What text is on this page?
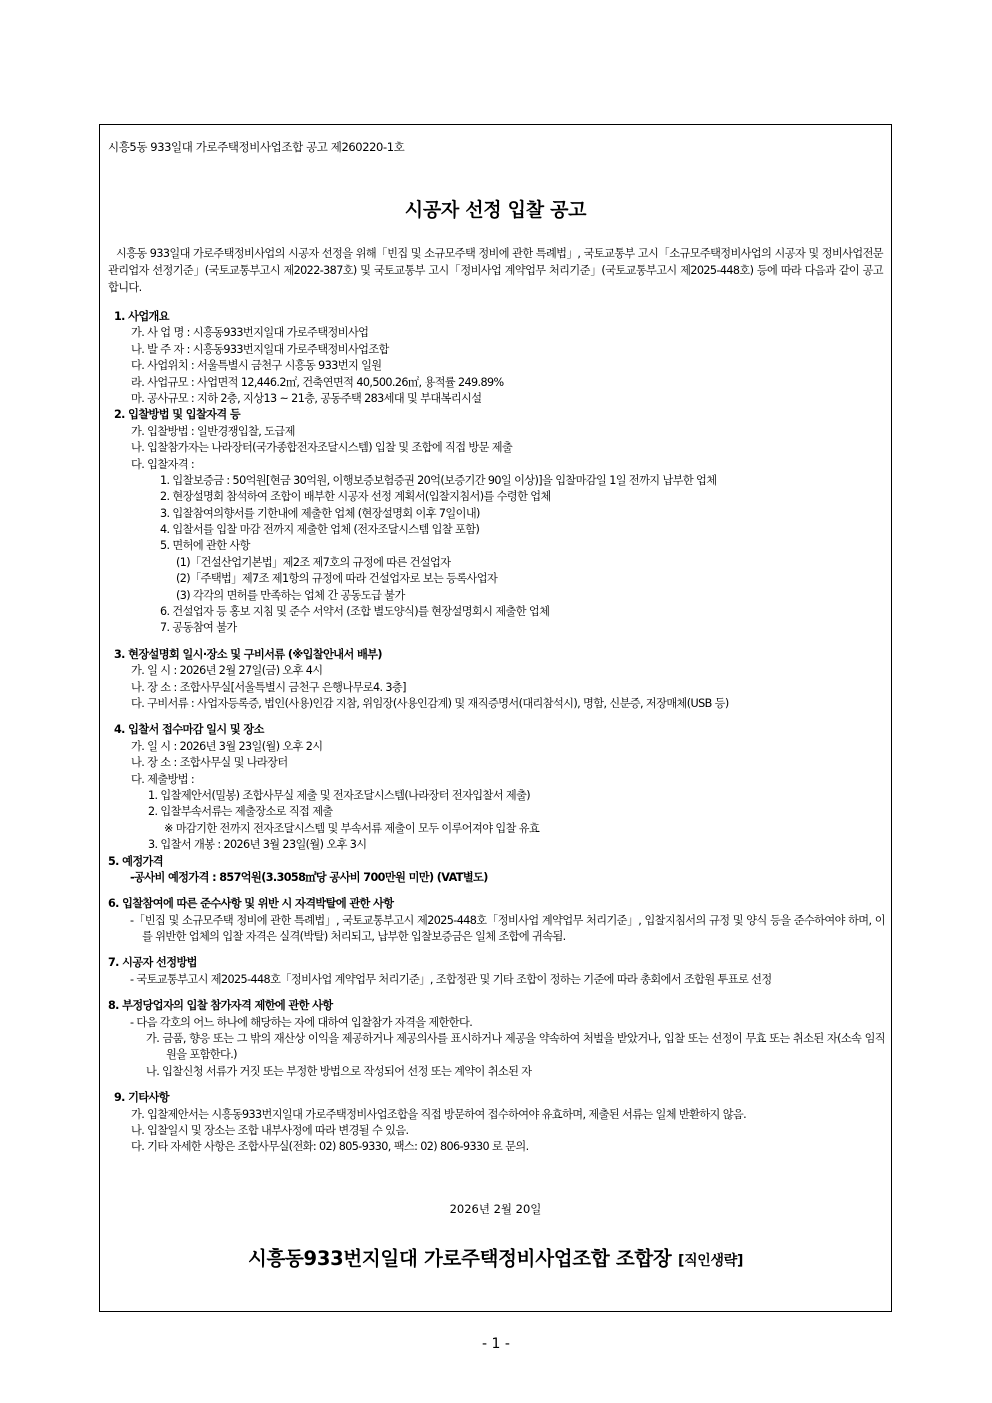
시흥5동 933일대 가로주택정비사업조합 공고 제260220-1호
시공자 선정 입찰 공고
시흥동 933일대 가로주택정비사업의 시공자 선정을 위해「빈집 및 소규모주택 정비에 관한 특례법」, 국토교통부 고시「소규모주택정비사업의 시공자 및 정비사업전문관리업자 선정기준」(국토교통부고시 제2022-387호) 및 국토교통부 고시「정비사업 계약업무 처리기준」(국토교통부고시 제2025-448호) 등에 따라 다음과 같이 공고합니다.
1. 사업개요
가. 사 업 명 : 시흥동933번지일대 가로주택정비사업
나. 발 주 자 : 시흥동933번지일대 가로주택정비사업조합
다. 사업위치 : 서울특별시 금천구 시흥동 933번지 일원
라. 사업규모 : 사업면적 12,446.2㎡, 건축연면적 40,500.26㎡, 용적률 249.89%
마. 공사규모 : 지하 2층, 지상13 ~ 21층, 공동주택 283세대 및 부대복리시설
2. 입찰방법 및 입찰자격 등
가. 입찰방법 : 일반경쟁입찰, 도급제
나. 입찰참가자는 나라장터(국가종합전자조달시스템) 입찰 및 조합에 직접 방문 제출
다. 입찰자격 :
1. 입찰보증금 : 50억원[현금 30억원, 이행보증보험증권 20억(보증기간 90일 이상)]을 입찰마감일 1일 전까지 납부한 업체
2. 현장설명회 참석하여 조합이 배부한 시공자 선정 계획서(입찰지침서)를 수령한 업체
3. 입찰참여의향서를 기한내에 제출한 업체 (현장설명회 이후 7일이내)
4. 입찰서를 입찰 마감 전까지 제출한 업체 (전자조달시스템 입찰 포함)
5. 면허에 관한 사항
(1)「건설산업기본법」제2조 제7호의 규정에 따른 건설업자
(2)「주택법」제7조 제1항의 규정에 따라 건설업자로 보는 등록사업자
(3) 각각의 면허를 만족하는 업체 간 공동도급 불가
6. 건설업자 등 홍보 지침 및 준수 서약서 (조합 별도양식)를 현장설명회시 제출한 업체
7. 공동참여 불가
3. 현장설명회 일시·장소 및 구비서류 (※입찰안내서 배부)
가. 일 시 : 2026년 2월 27일(금) 오후 4시
나. 장 소 : 조합사무실[서울특별시 금천구 은행나무로4. 3층]
다. 구비서류 : 사업자등록증, 법인(사용)인감 지참, 위임장(사용인감계) 및 재직증명서(대리참석시), 명함, 신분증, 저장매체(USB 등)
4. 입찰서 접수마감 일시 및 장소
가. 일 시 : 2026년 3월 23일(월) 오후 2시
나. 장 소 : 조합사무실 및 나라장터
다. 제출방법 :
1. 입찰제안서(밀봉) 조합사무실 제출 및 전자조달시스템(나라장터 전자입찰서 제출)
2. 입찰부속서류는 제출장소로 직접 제출
※ 마감기한 전까지 전자조달시스템 및 부속서류 제출이 모두 이루어져야 입찰 유효
3. 입찰서 개봉 : 2026년 3월 23일(월) 오후 3시
5. 예정가격
-공사비 예정가격 : 857억원(3.3058㎡당 공사비 700만원 미만) (VAT별도)
6. 입찰참여에 따른 준수사항 및 위반 시 자격박탈에 관한 사항
-「빈집 및 소규모주택 정비에 관한 특례법」, 국토교통부고시 제2025-448호「정비사업 계약업무 처리기준」, 입찰지침서의 규정 및 양식 등을 준수하여야 하며, 이를 위반한 업체의 입찰 자격은 실격(박탈) 처리되고, 납부한 입찰보증금은 일체 조합에 귀속됨.
7. 시공자 선정방법
- 국토교통부고시 제2025-448호「정비사업 계약업무 처리기준」, 조합정관 및 기타 조합이 정하는 기준에 따라 총회에서 조합원 투표로 선정
8. 부정당업자의 입찰 참가자격 제한에 관한 사항
- 다음 각호의 어느 하나에 해당하는 자에 대하여 입찰참가 자격을 제한한다.
가. 금품, 향응 또는 그 밖의 재산상 이익을 제공하거나 제공의사를 표시하거나 제공을 약속하여 처벌을 받았거나, 입찰 또는 선정이 무효 또는 취소된 자(소속 임직원을 포함한다.)
나. 입찰신청 서류가 거짓 또는 부정한 방법으로 작성되어 선정 또는 계약이 취소된 자
9. 기타사항
가. 입찰제안서는 시흥동933번지일대 가로주택정비사업조합을 직접 방문하여 접수하여야 유효하며, 제출된 서류는 일체 반환하지 않음.
나. 입찰일시 및 장소는 조합 내부사정에 따라 변경될 수 있음.
다. 기타 자세한 사항은 조합사무실(전화: 02) 805-9330, 팩스: 02) 806-9330 로 문의.
2026년 2월 20일
시흥동933번지일대 가로주택정비사업조합 조합장 [직인생략]
- 1 -
